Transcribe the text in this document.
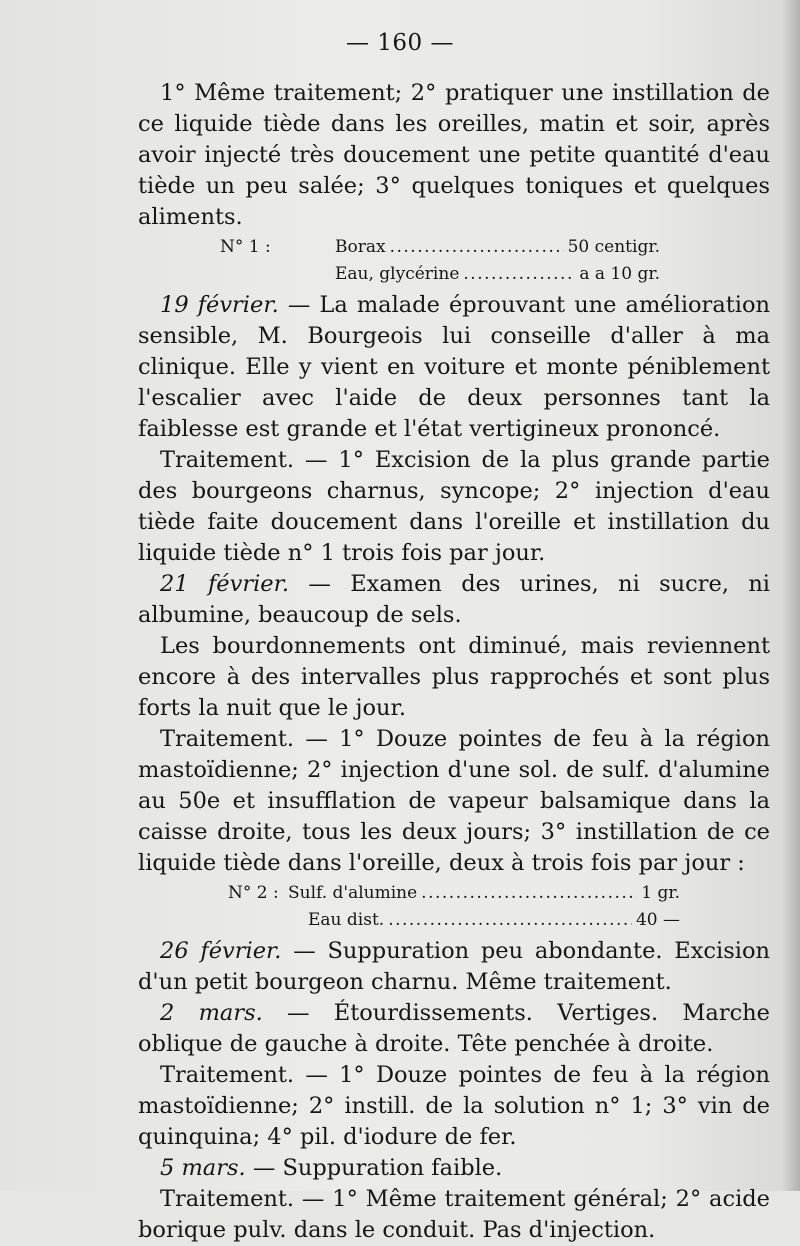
— 160 —

1° Même traitement; 2° pratiquer une instillation de ce liquide tiède dans les oreilles, matin et soir, après avoir injecté très doucement une petite quantité d'eau tiède un peu salée; 3° quelques toniques et quelques aliments.

N° 1 :	Borax .....	50 centigr.
Eau, glycérine .....	a a 10 gr.

19 février. — La malade éprouvant une amélioration sensible, M. Bourgeois lui conseille d'aller à ma clinique. Elle y vient en voiture et monte péniblement l'escalier avec l'aide de deux personnes tant la faiblesse est grande et l'état vertigineux prononcé.

Traitement. — 1° Excision de la plus grande partie des bourgeons charnus, syncope; 2° injection d'eau tiède faite doucement dans l'oreille et instillation du liquide tiède n° 1 trois fois par jour.

21 février. — Examen des urines, ni sucre, ni albumine, beaucoup de sels.

Les bourdonnements ont diminué, mais reviennent encore à des intervalles plus rapprochés et sont plus forts la nuit que le jour.

Traitement. — 1° Douze pointes de feu à la région mastoïdienne; 2° injection d'une sol. de sulf. d'alumine au 50e et insufflation de vapeur balsamique dans la caisse droite, tous les deux jours; 3° instillation de ce liquide tiède dans l'oreille, deux à trois fois par jour :

N° 2 : Sulf. d'alumine .....	1 gr.
Eau dist. .....	40 —

26 février. — Suppuration peu abondante. Excision d'un petit bourgeon charnu. Même traitement.

2 mars. — Étourdissements. Vertiges. Marche oblique de gauche à droite. Tête penchée à droite.

Traitement. — 1° Douze pointes de feu à la région mastoïdienne; 2° instill. de la solution n° 1; 3° vin de quinquina; 4° pil. d'iodure de fer.

5 mars. — Suppuration faible.

Traitement. — 1° Même traitement général; 2° acide borique pulv. dans le conduit. Pas d'injection.
